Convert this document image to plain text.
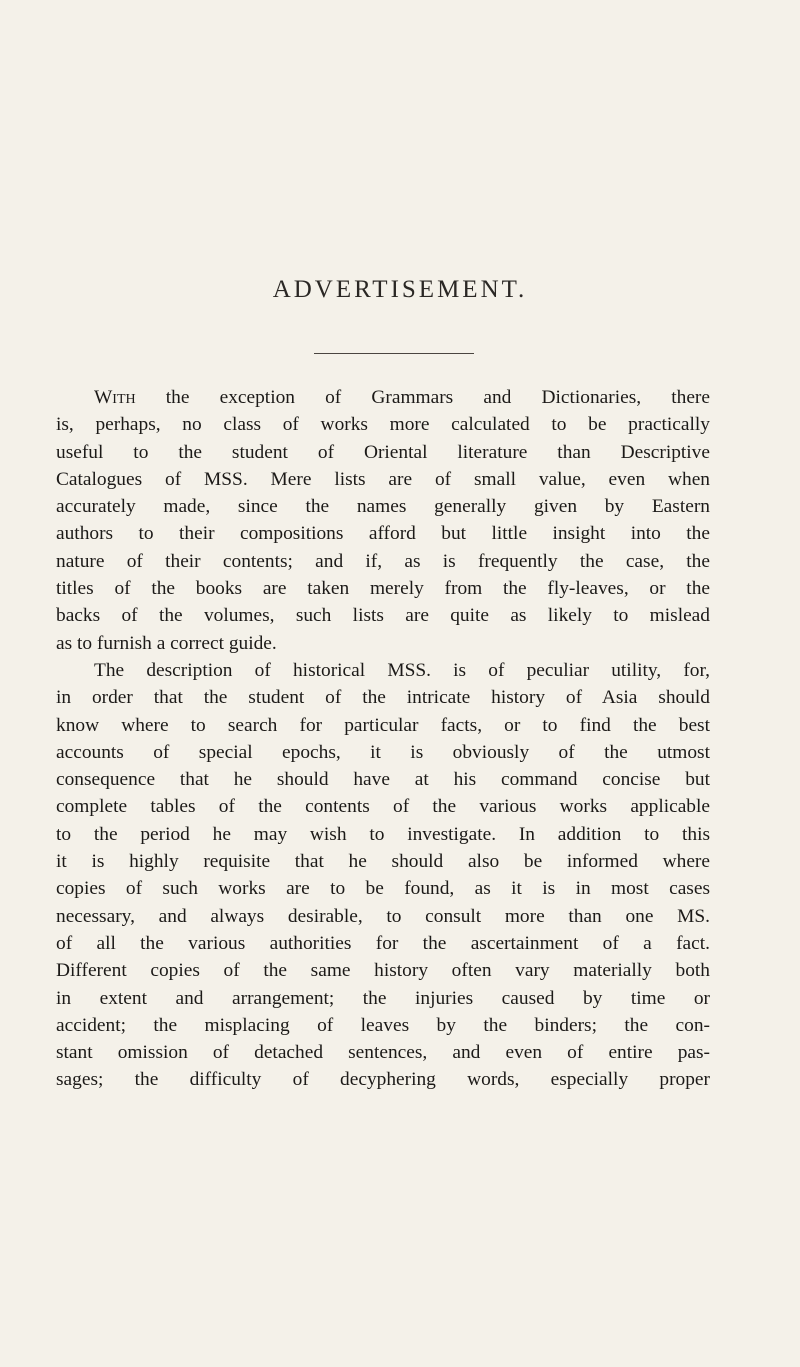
ADVERTISEMENT.
With the exception of Grammars and Dictionaries, there
is, perhaps, no class of works more calculated to be practically
useful to the student of Oriental literature than Descriptive
Catalogues of MSS. Mere lists are of small value, even when
accurately made, since the names generally given by Eastern
authors to their compositions afford but little insight into the
nature of their contents; and if, as is frequently the case, the
titles of the books are taken merely from the fly-leaves, or the
backs of the volumes, such lists are quite as likely to mislead
as to furnish a correct guide.
The description of historical MSS. is of peculiar utility, for,
in order that the student of the intricate history of Asia should
know where to search for particular facts, or to find the best
accounts of special epochs, it is obviously of the utmost
consequence that he should have at his command concise but
complete tables of the contents of the various works applicable
to the period he may wish to investigate. In addition to this
it is highly requisite that he should also be informed where
copies of such works are to be found, as it is in most cases
necessary, and always desirable, to consult more than one MS.
of all the various authorities for the ascertainment of a fact.
Different copies of the same history often vary materially both
in extent and arrangement; the injuries caused by time or
accident; the misplacing of leaves by the binders; the con-
stant omission of detached sentences, and even of entire pas-
sages; the difficulty of decyphering words, especially proper
